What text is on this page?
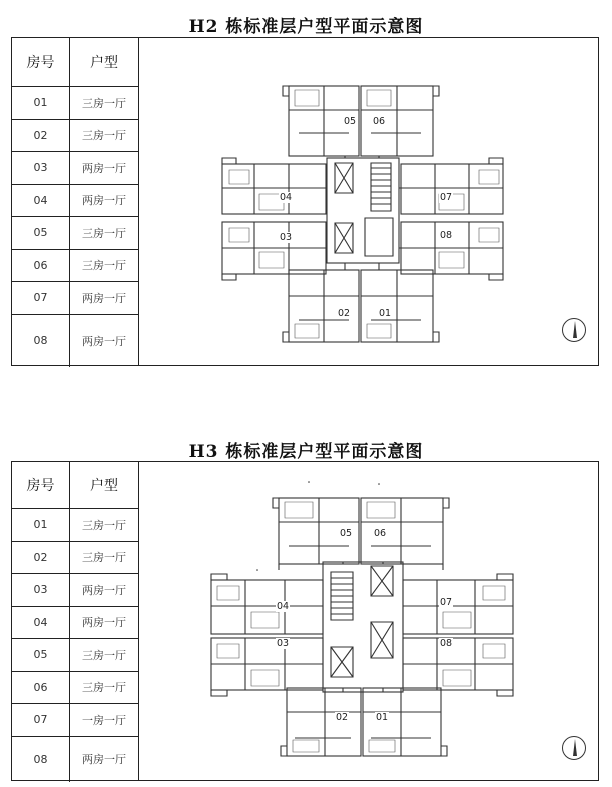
H2 栋标准层户型平面示意图
房号	户型
01	三房一厅
02	三房一厅
03	两房一厅
04	两房一厅
05	三房一厅
06	三房一厅
07	两房一厅
08	两房一厅
05 06
04	07
03	08
02	01
H3 栋标准层户型平面示意图
房号	户型
01	三房一厅
02	三房一厅
03	两房一厅
04	两房一厅
05	三房一厅
06	三房一厅
07	一房一厅
08	两房一厅
05 06
04	07
03	08
02	01
